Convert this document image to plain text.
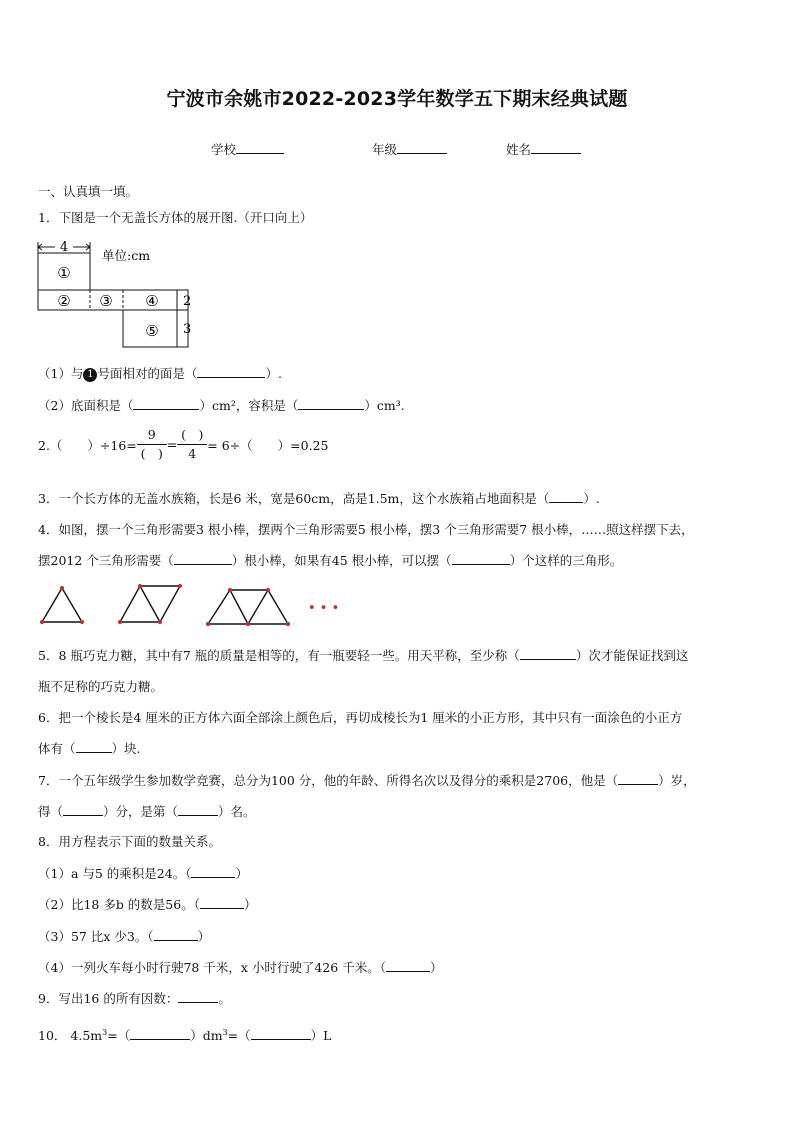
宁波市余姚市2022-2023学年数学五下期末经典试题
学校	年级	姓名
一、认真填一填。
1．下图是一个无盖长方体的展开图.（开口向上）
4
单位:cm
①
② ③ ④
⑤
2
3
（1）与 1 号面相对的面是（	）.
（2）底面积是（	）cm²，容积是（	）cm³.
2.（　　）$\div 16= \frac{9}{( )} = \frac{( )}{4} = 6\div$（　　）=0.25
3．一个长方体的无盖水族箱，长是6 米，宽是60cm，高是1.5m，这个水族箱占地面积是（	）.
4．如图，摆一个三角形需要3 根小棒，摆两个三角形需要5 根小棒，摆3 个三角形需要7 根小棒，……照这样摆下去，
摆2012 个三角形需要（	）根小棒，如果有45 根小棒，可以摆（	）个这样的三角形。
• • •
5．8 瓶巧克力糖，其中有7 瓶的质量是相等的，有一瓶要轻一些。用天平称，至少称（	）次才能保证找到这
瓶不足称的巧克力糖。
6．把一个棱长是4 厘米的正方体六面全部涂上颜色后，再切成棱长为1 厘米的小正方形，其中只有一面涂色的小正方
体有（	）块.
7．一个五年级学生参加数学竞赛，总分为100 分，他的年龄、所得名次以及得分的乘积是2706，他是（	）岁，
得（	）分，是第（	）名。
8．用方程表示下面的数量关系。
（1）a 与5 的乘积是24。（	）
（2）比18 多b 的数是56。（	）
（3）57 比x 少3。（	）
（4）一列火车每小时行驶78 千米，x 小时行驶了426 千米。（	）
9．写出16 的所有因数：	。
10． $4.5m^3=$（	）$dm^3=$（	）L
